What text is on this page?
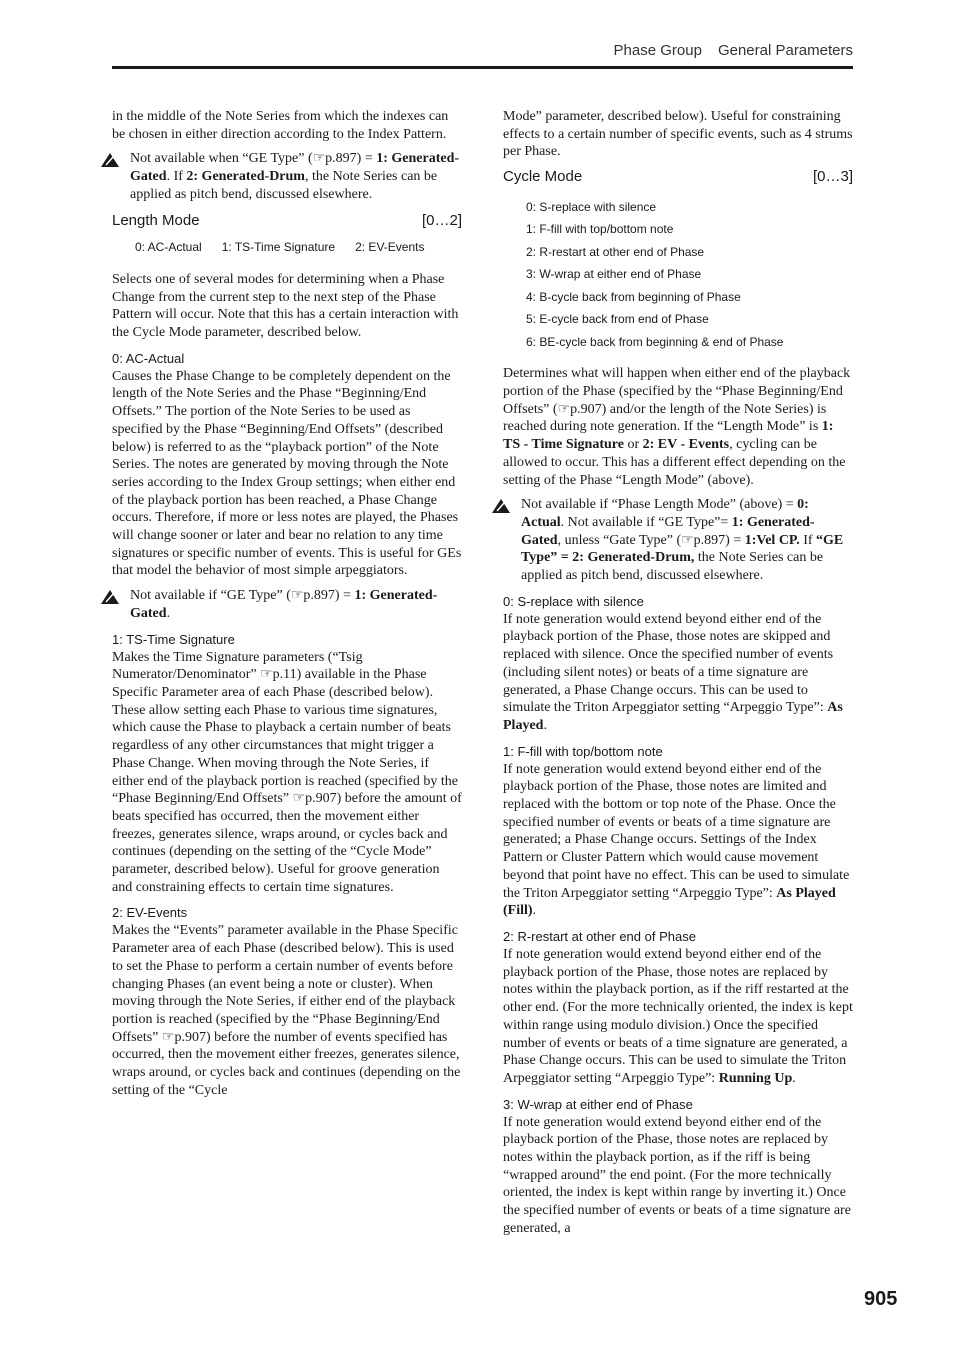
Phase Group General Parameters

in the middle of the Note Series from which the indexes can be chosen in either direction according to the Index Pattern.

Not available when “GE Type” (☞p.897) = 1: Generated-Gated. If 2: Generated-Drum, the Note Series can be applied as pitch bend, discussed elsewhere.
Length Mode	[0…2]
0: AC-Actual 1: TS-Time Signature 2: EV-Events

Selects one of several modes for determining when a Phase Change from the current step to the next step of the Phase Pattern will occur. Note that this has a certain interaction with the Cycle Mode parameter, described below.

0: AC-Actual

Causes the Phase Change to be completely dependent on the length of the Note Series and the Phase “Beginning/End Offsets.” The portion of the Note Series to be used as specified by the Phase “Beginning/End Offsets” (described below) is referred to as the “playback portion” of the Note Series. The notes are generated by moving through the Note series according to the Index Group settings; when either end of the playback portion has been reached, a Phase Change occurs. Therefore, if more or less notes are played, the Phases will change sooner or later and bear no relation to any time signatures or specific number of events. This is useful for GEs that model the behavior of most simple arpeggiators.

Not available if “GE Type” (☞p.897) = 1: Generated-Gated.
1: TS-Time Signature

Makes the Time Signature parameters (“Tsig Numerator/Denominator” ☞p.11) available in the Phase Specific Parameter area of each Phase (described below). These allow setting each Phase to various time signatures, which cause the Phase to playback a certain number of beats regardless of any other circumstances that might trigger a Phase Change. When moving through the Note Series, if either end of the playback portion is reached (specified by the “Phase Beginning/End Offsets” ☞p.907) before the amount of beats specified has occurred, then the movement either freezes, generates silence, wraps around, or cycles back and continues (depending on the setting of the “Cycle Mode” parameter, described below). Useful for groove generation and constraining effects to certain time signatures.

2: EV-Events

Makes the “Events” parameter available in the Phase Specific Parameter area of each Phase (described below). This is used to set the Phase to perform a certain number of events before changing Phases (an event being a note or cluster). When moving through the Note Series, if either end of the playback portion is reached (specified by the “Phase Beginning/End Offsets” ☞p.907) before the number of events specified has occurred, then the movement either freezes, generates silence, wraps around, or cycles back and continues (depending on the setting of the “Cycle

Mode” parameter, described below). Useful for constraining effects to a certain number of specific events, such as 4 strums per Phase.

Cycle Mode	[0…3]
0: S-replace with silence
1: F-fill with top/bottom note
2: R-restart at other end of Phase
3: W-wrap at either end of Phase
4: B-cycle back from beginning of Phase
5: E-cycle back from end of Phase
6: BE-cycle back from beginning & end of Phase

Determines what will happen when either end of the playback portion of the Phase (specified by the “Phase Beginning/End Offsets” (☞p.907) and/or the length of the Note Series) is reached during note generation. If the “Length Mode” is 1: TS - Time Signature or 2: EV - Events, cycling can be allowed to occur. This has a different effect depending on the setting of the Phase “Length Mode” (above).

Not available if “Phase Length Mode” (above) = 0: Actual. Not available if “GE Type”= 1: Generated-Gated, unless “Gate Type” (☞p.897) = 1:Vel CP. If “GE Type” = 2: Generated-Drum, the Note Series can be applied as pitch bend, discussed elsewhere.
0: S-replace with silence

If note generation would extend beyond either end of the playback portion of the Phase, those notes are skipped and replaced with silence. Once the specified number of events (including silent notes) or beats of a time signature are generated, a Phase Change occurs. This can be used to simulate the Triton Arpeggiator setting “Arpeggio Type”: As Played.

1: F-fill with top/bottom note

If note generation would extend beyond either end of the playback portion of the Phase, those notes are limited and replaced with the bottom or top note of the Phase. Once the specified number of events or beats of a time signature are generated; a Phase Change occurs. Settings of the Index Pattern or Cluster Pattern which would cause movement beyond that point have no effect. This can be used to simulate the Triton Arpeggiator setting “Arpeggio Type”: As Played (Fill).

2: R-restart at other end of Phase

If note generation would extend beyond either end of the playback portion of the Phase, those notes are replaced by notes within the playback portion, as if the riff restarted at the other end. (For the more technically oriented, the index is kept within range using modulo division.) Once the specified number of events or beats of a time signature are generated, a Phase Change occurs. This can be used to simulate the Triton Arpeggiator setting “Arpeggio Type”: Running Up.

3: W-wrap at either end of Phase

If note generation would extend beyond either end of the playback portion of the Phase, those notes are replaced by notes within the playback portion, as if the riff is being “wrapped around” the end point. (For the more technically oriented, the index is kept within range by inverting it.) Once the specified number of events or beats of a time signature are generated, a

905
